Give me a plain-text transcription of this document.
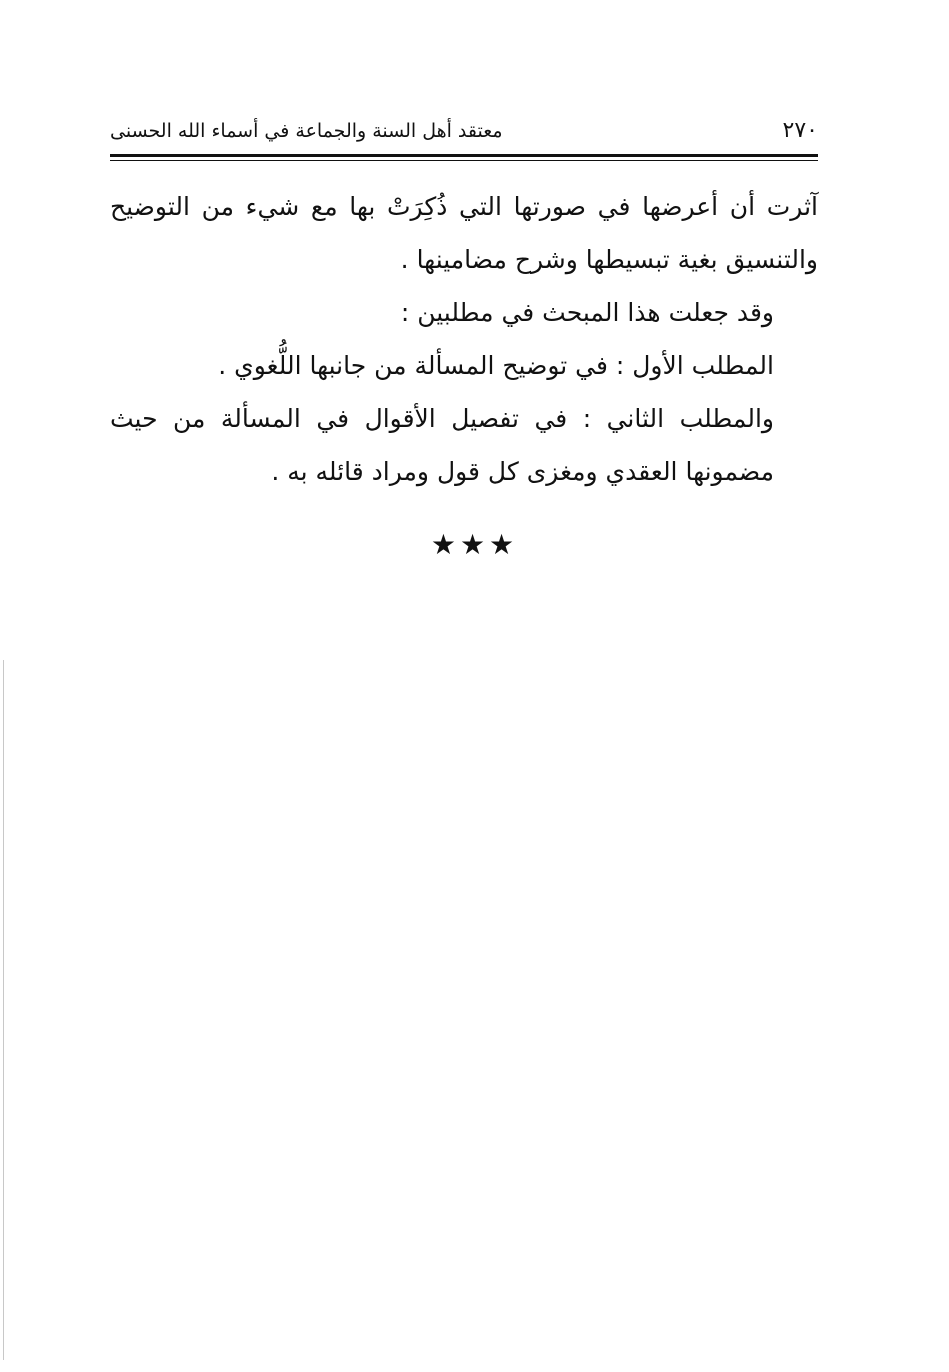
٢٧٠
معتقد أهل السنة والجماعة في أسماء الله الحسنى

آثرت أن أعرضها في صورتها التي ذُكِرَتْ بها مع شيء من التوضيح والتنسيق بغية تبسيطها وشرح مضامينها .

وقد جعلت هذا المبحث في مطلبين :

المطلب الأول : في توضيح المسألة من جانبها اللُّغوي .

والمطلب الثاني : في تفصيل الأقوال في المسألة من حيث مضمونها العقدي ومغزى كل قول ومراد قائله به .

★★★
